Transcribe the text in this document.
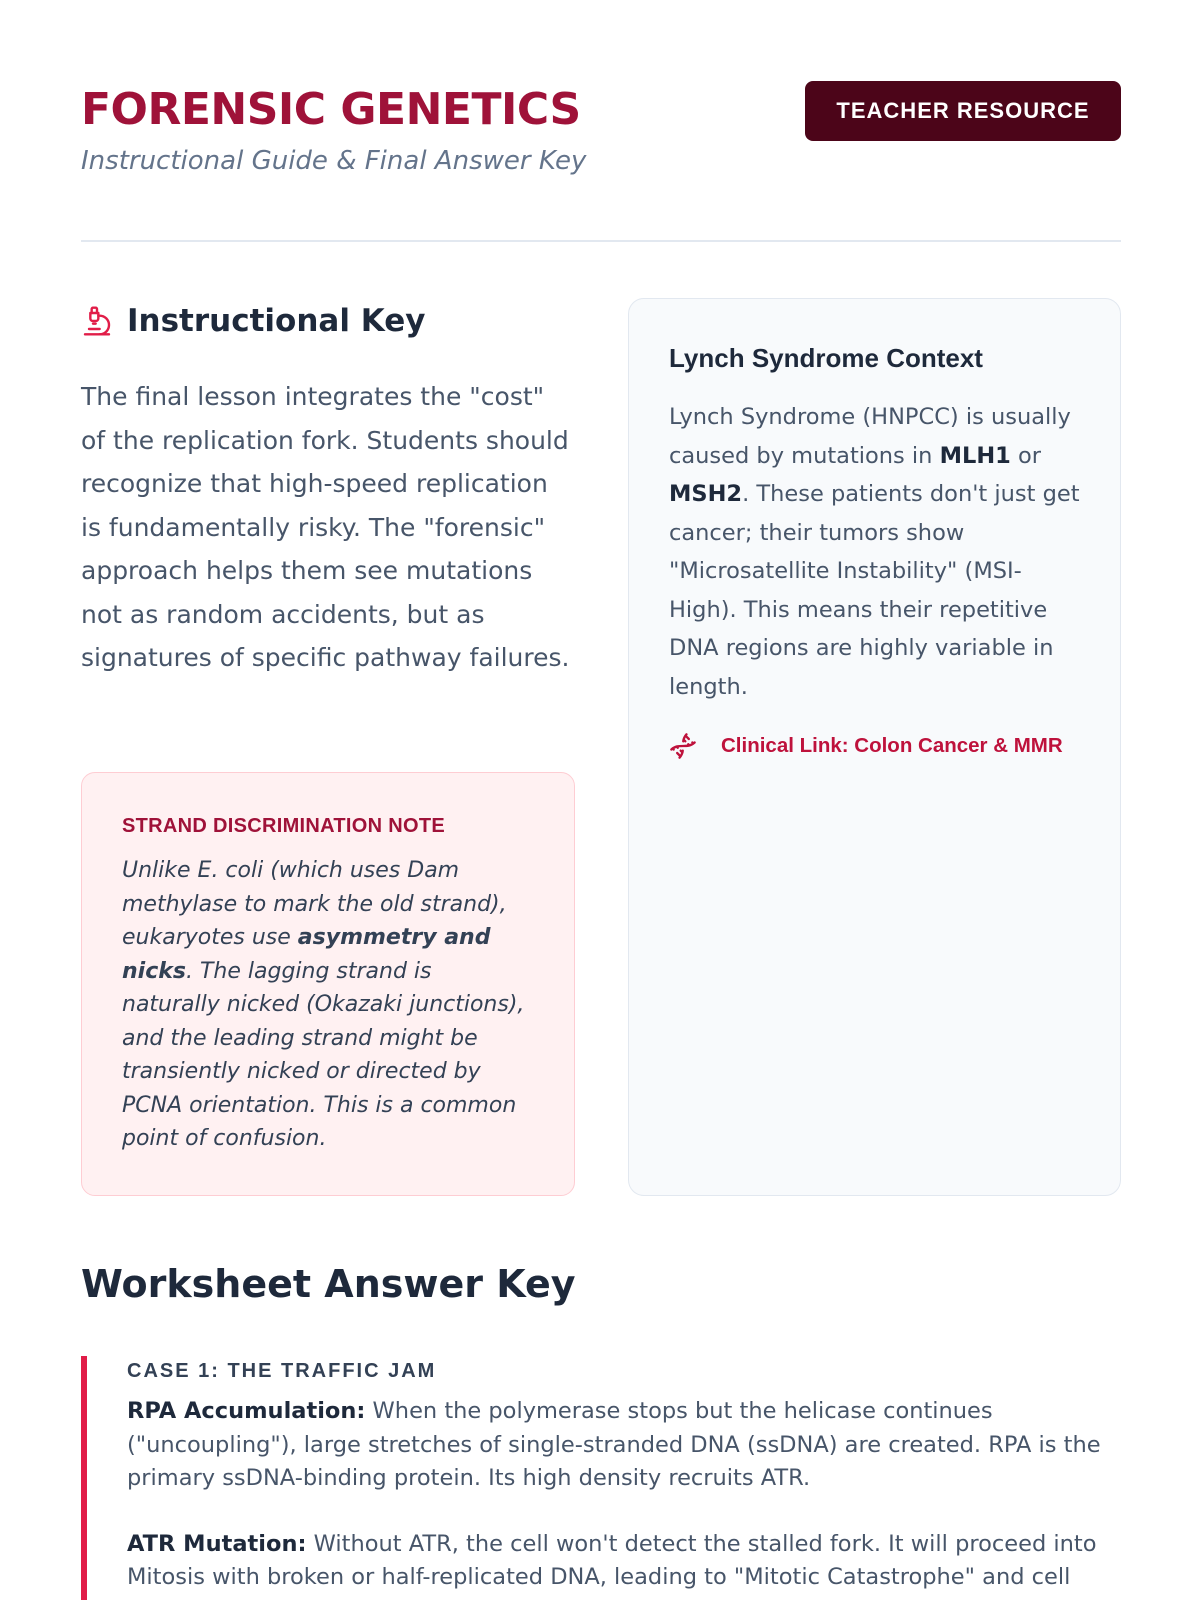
FORENSIC GENETICS
Instructional Guide & Final Answer Key
TEACHER RESOURCE
Instructional Key

The final lesson integrates the "cost" of the replication fork. Students should recognize that high-speed replication is fundamentally risky. The "forensic" approach helps them see mutations not as random accidents, but as signatures of specific pathway failures.

STRAND DISCRIMINATION NOTE

Unlike E. coli (which uses Dam methylase to mark the old strand), eukaryotes use asymmetry and nicks. The lagging strand is naturally nicked (Okazaki junctions), and the leading strand might be transiently nicked or directed by PCNA orientation. This is a common point of confusion.

Lynch Syndrome Context

Lynch Syndrome (HNPCC) is usually caused by mutations in MLH1 or MSH2. These patients don't just get cancer; their tumors show "Microsatellite Instability" (MSI-High). This means their repetitive DNA regions are highly variable in length.

Clinical Link: Colon Cancer & MMR
Worksheet Answer Key
CASE 1: THE TRAFFIC JAM

RPA Accumulation: When the polymerase stops but the helicase continues ("uncoupling"), large stretches of single-stranded DNA (ssDNA) are created. RPA is the primary ssDNA-binding protein. Its high density recruits ATR.

ATR Mutation: Without ATR, the cell won't detect the stalled fork. It will proceed into Mitosis with broken or half-replicated DNA, leading to "Mitotic Catastrophe" and cell
